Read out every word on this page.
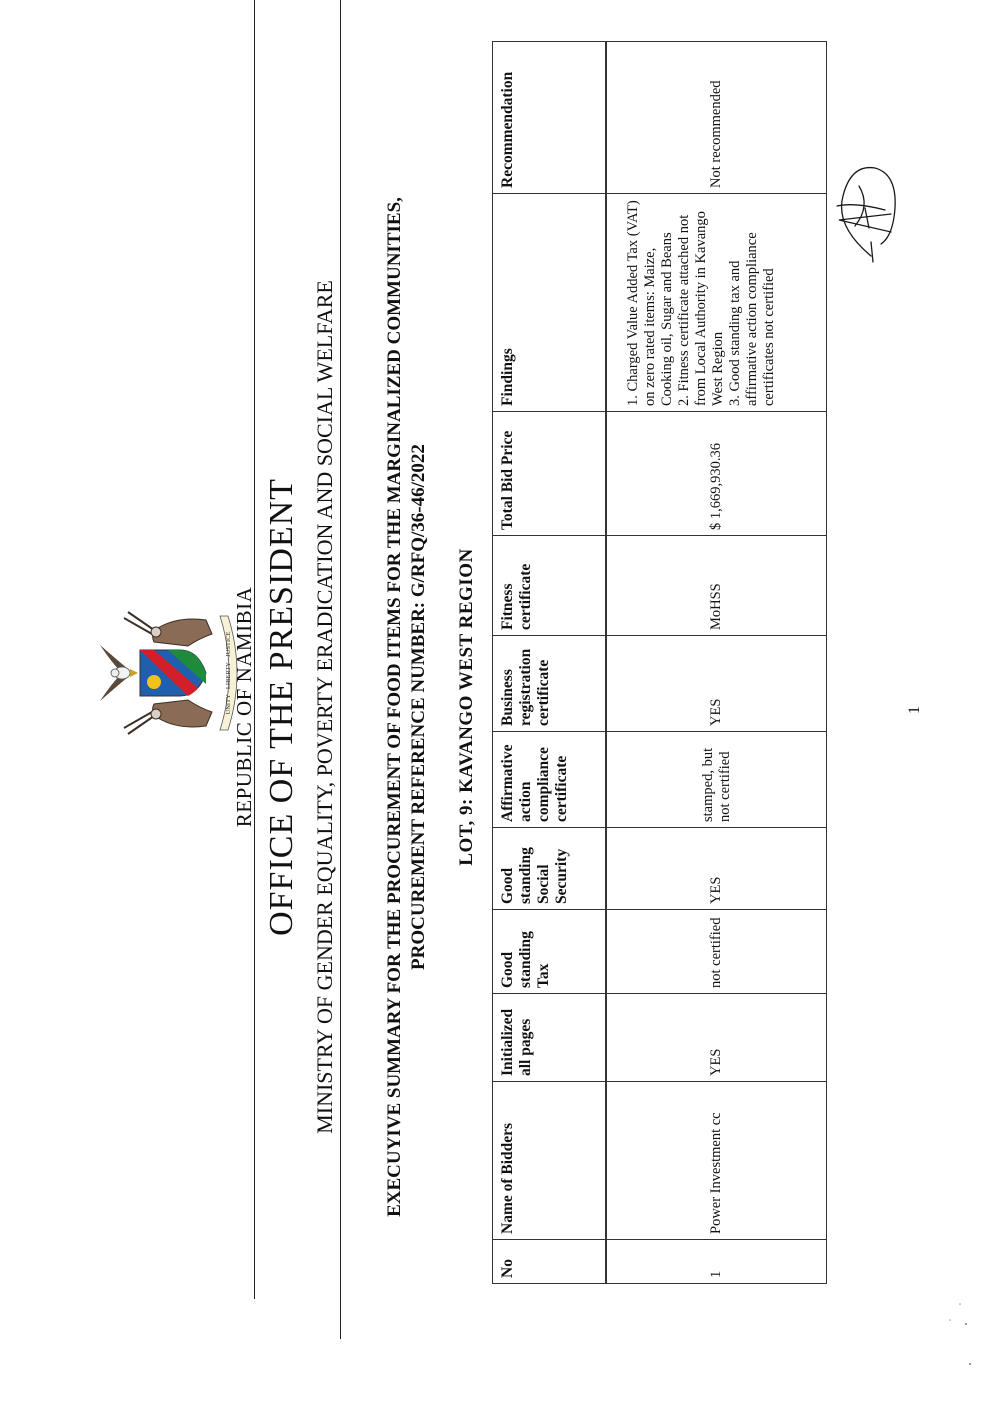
UNITY · LIBERTY · JUSTICE REPUBLIC OF NAMIBIA OFFICE OF THE PRESIDENT MINISTRY OF GENDER EQUALITY, POVERTY ERADICATION AND SOCIAL WELFARE EXECUYIVE SUMMARY FOR THE PROCUREMENT OF FOOD ITEMS FOR THE MARGINALIZED COMMUNITIES, PROCUREMENT REFERENCE NUMBER: G/RFQ/36-46/2022 LOT, 9: KAVANGO WEST REGION
No	Name of Bidders	Initialized all pages	Good standing Tax	Good standing Social Security	Affirmative action compliance certificate	Business registration certificate	Fitness certificate	Total Bid Price	Findings	Recommendation

1	Power Investment cc	YES	not certified	YES	stamped, but not certified	YES	MoHSS	$ 1,669,930.36	1. Charged Value Added Tax (VAT) on zero rated items: Maize, Cooking oil, Sugar and Beans 2. Fitness certificate attached not from Local Authority in Kavango West Region 3. Good standing tax and affirmative action compliance certificates not certified	Not recommended
1
